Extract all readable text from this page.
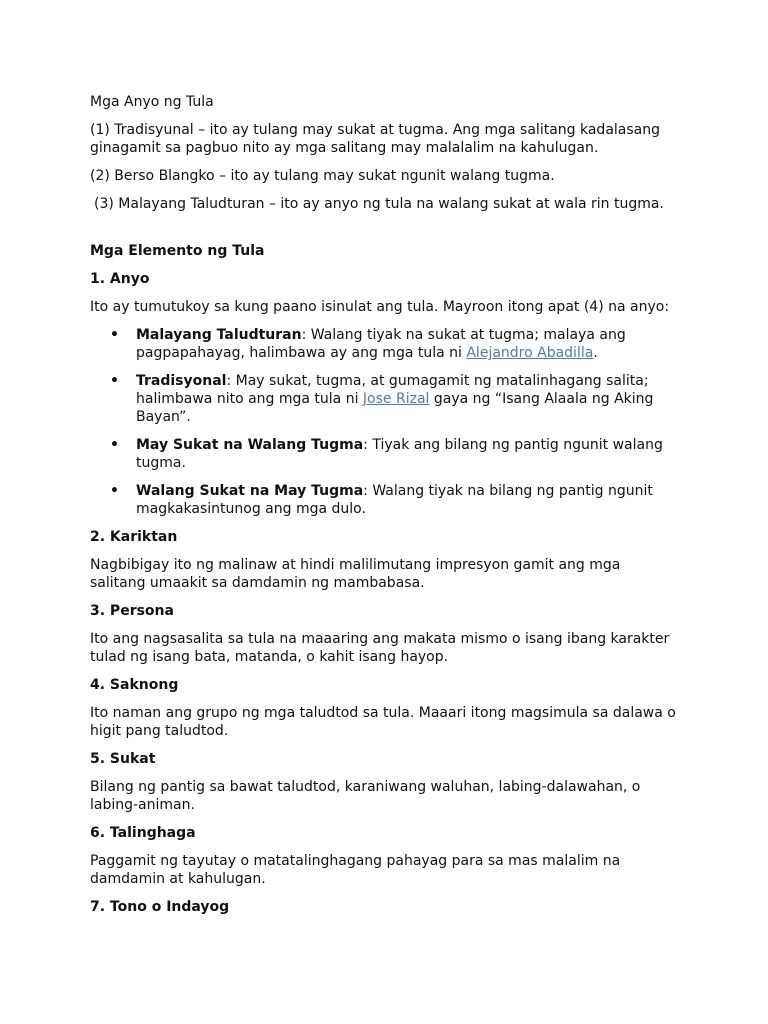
Mga Anyo ng Tula

(1) Tradisyunal – ito ay tulang may sukat at tugma. Ang mga salitang kadalasang ginagamit sa pagbuo nito ay mga salitang may malalalim na kahulugan.

(2) Berso Blangko – ito ay tulang may sukat ngunit walang tugma.

(3) Malayang Taludturan – ito ay anyo ng tula na walang sukat at wala rin tugma.

Mga Elemento ng Tula

1. Anyo

Ito ay tumutukoy sa kung paano isinulat ang tula. Mayroon itong apat (4) na anyo:

• Malayang Taludturan: Walang tiyak na sukat at tugma; malaya ang pagpapahayag, halimbawa ay ang mga tula ni Alejandro Abadilla.
• Tradisyonal: May sukat, tugma, at gumagamit ng matalinhagang salita; halimbawa nito ang mga tula ni Jose Rizal gaya ng “Isang Alaala ng Aking Bayan”.
• May Sukat na Walang Tugma: Tiyak ang bilang ng pantig ngunit walang tugma.
• Walang Sukat na May Tugma: Walang tiyak na bilang ng pantig ngunit magkakasintunog ang mga dulo.

2. Kariktan

Nagbibigay ito ng malinaw at hindi malilimutang impresyon gamit ang mga salitang umaakit sa damdamin ng mambabasa.

3. Persona

Ito ang nagsasalita sa tula na maaaring ang makata mismo o isang ibang karakter tulad ng isang bata, matanda, o kahit isang hayop.

4. Saknong

Ito naman ang grupo ng mga taludtod sa tula. Maaari itong magsimula sa dalawa o higit pang taludtod.

5. Sukat

Bilang ng pantig sa bawat taludtod, karaniwang waluhan, labing-dalawahan, o labing-animan.

6. Talinghaga

Paggamit ng tayutay o matatalinghagang pahayag para sa mas malalim na damdamin at kahulugan.

7. Tono o Indayog
